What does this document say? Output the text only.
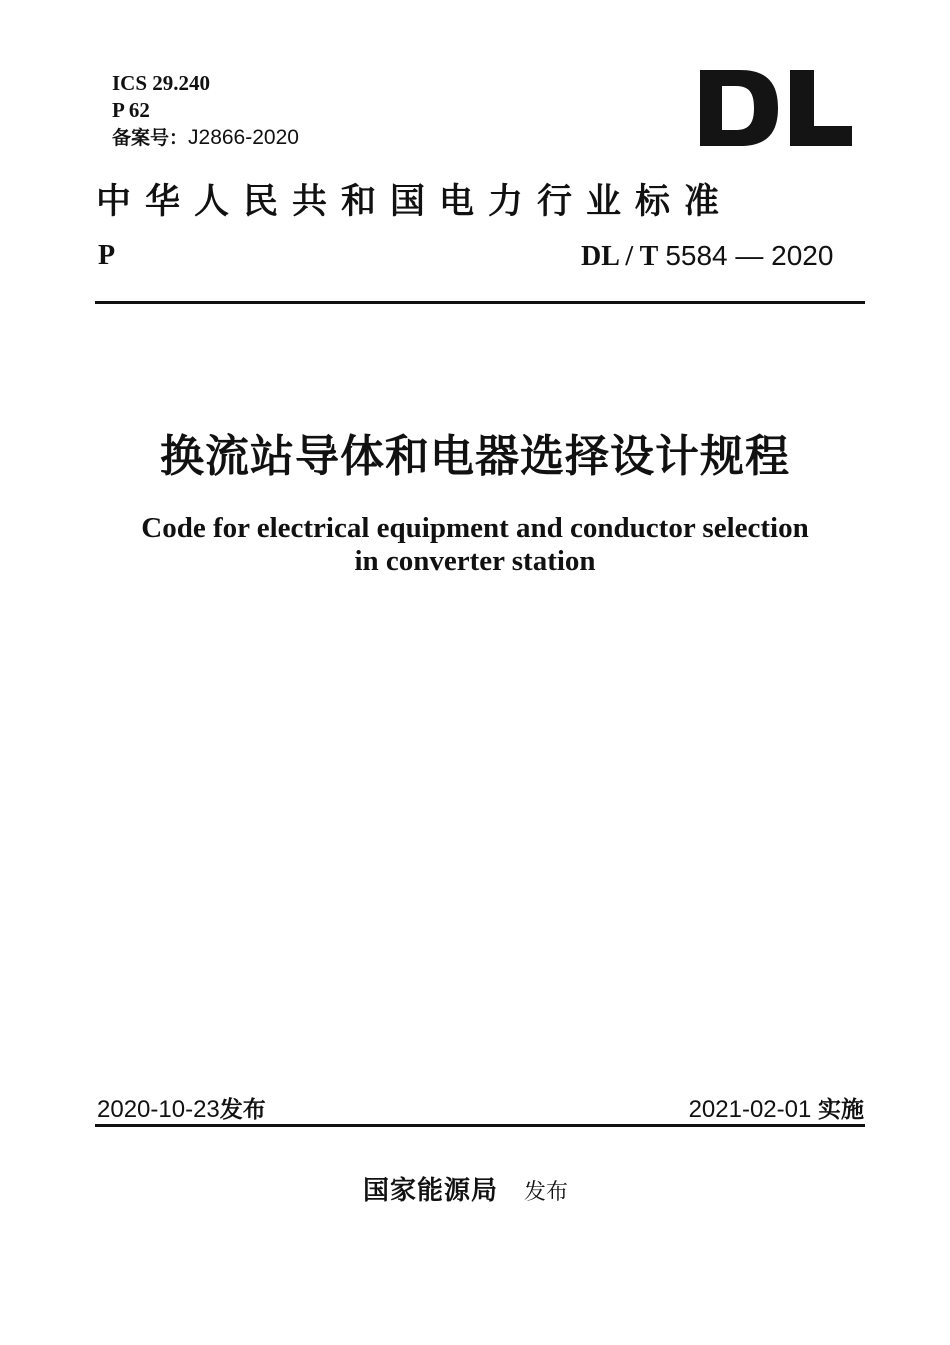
ICS 29.240
P 62
备案号：J2866-2020
中华人民共和国电力行业标准
P	DL / T 5584 — 2020
换流站导体和电器选择设计规程
Code for electrical equipment and conductor selection
in converter station
2020-10-23发布	2021-02-01 实施
国家能源局 发布
